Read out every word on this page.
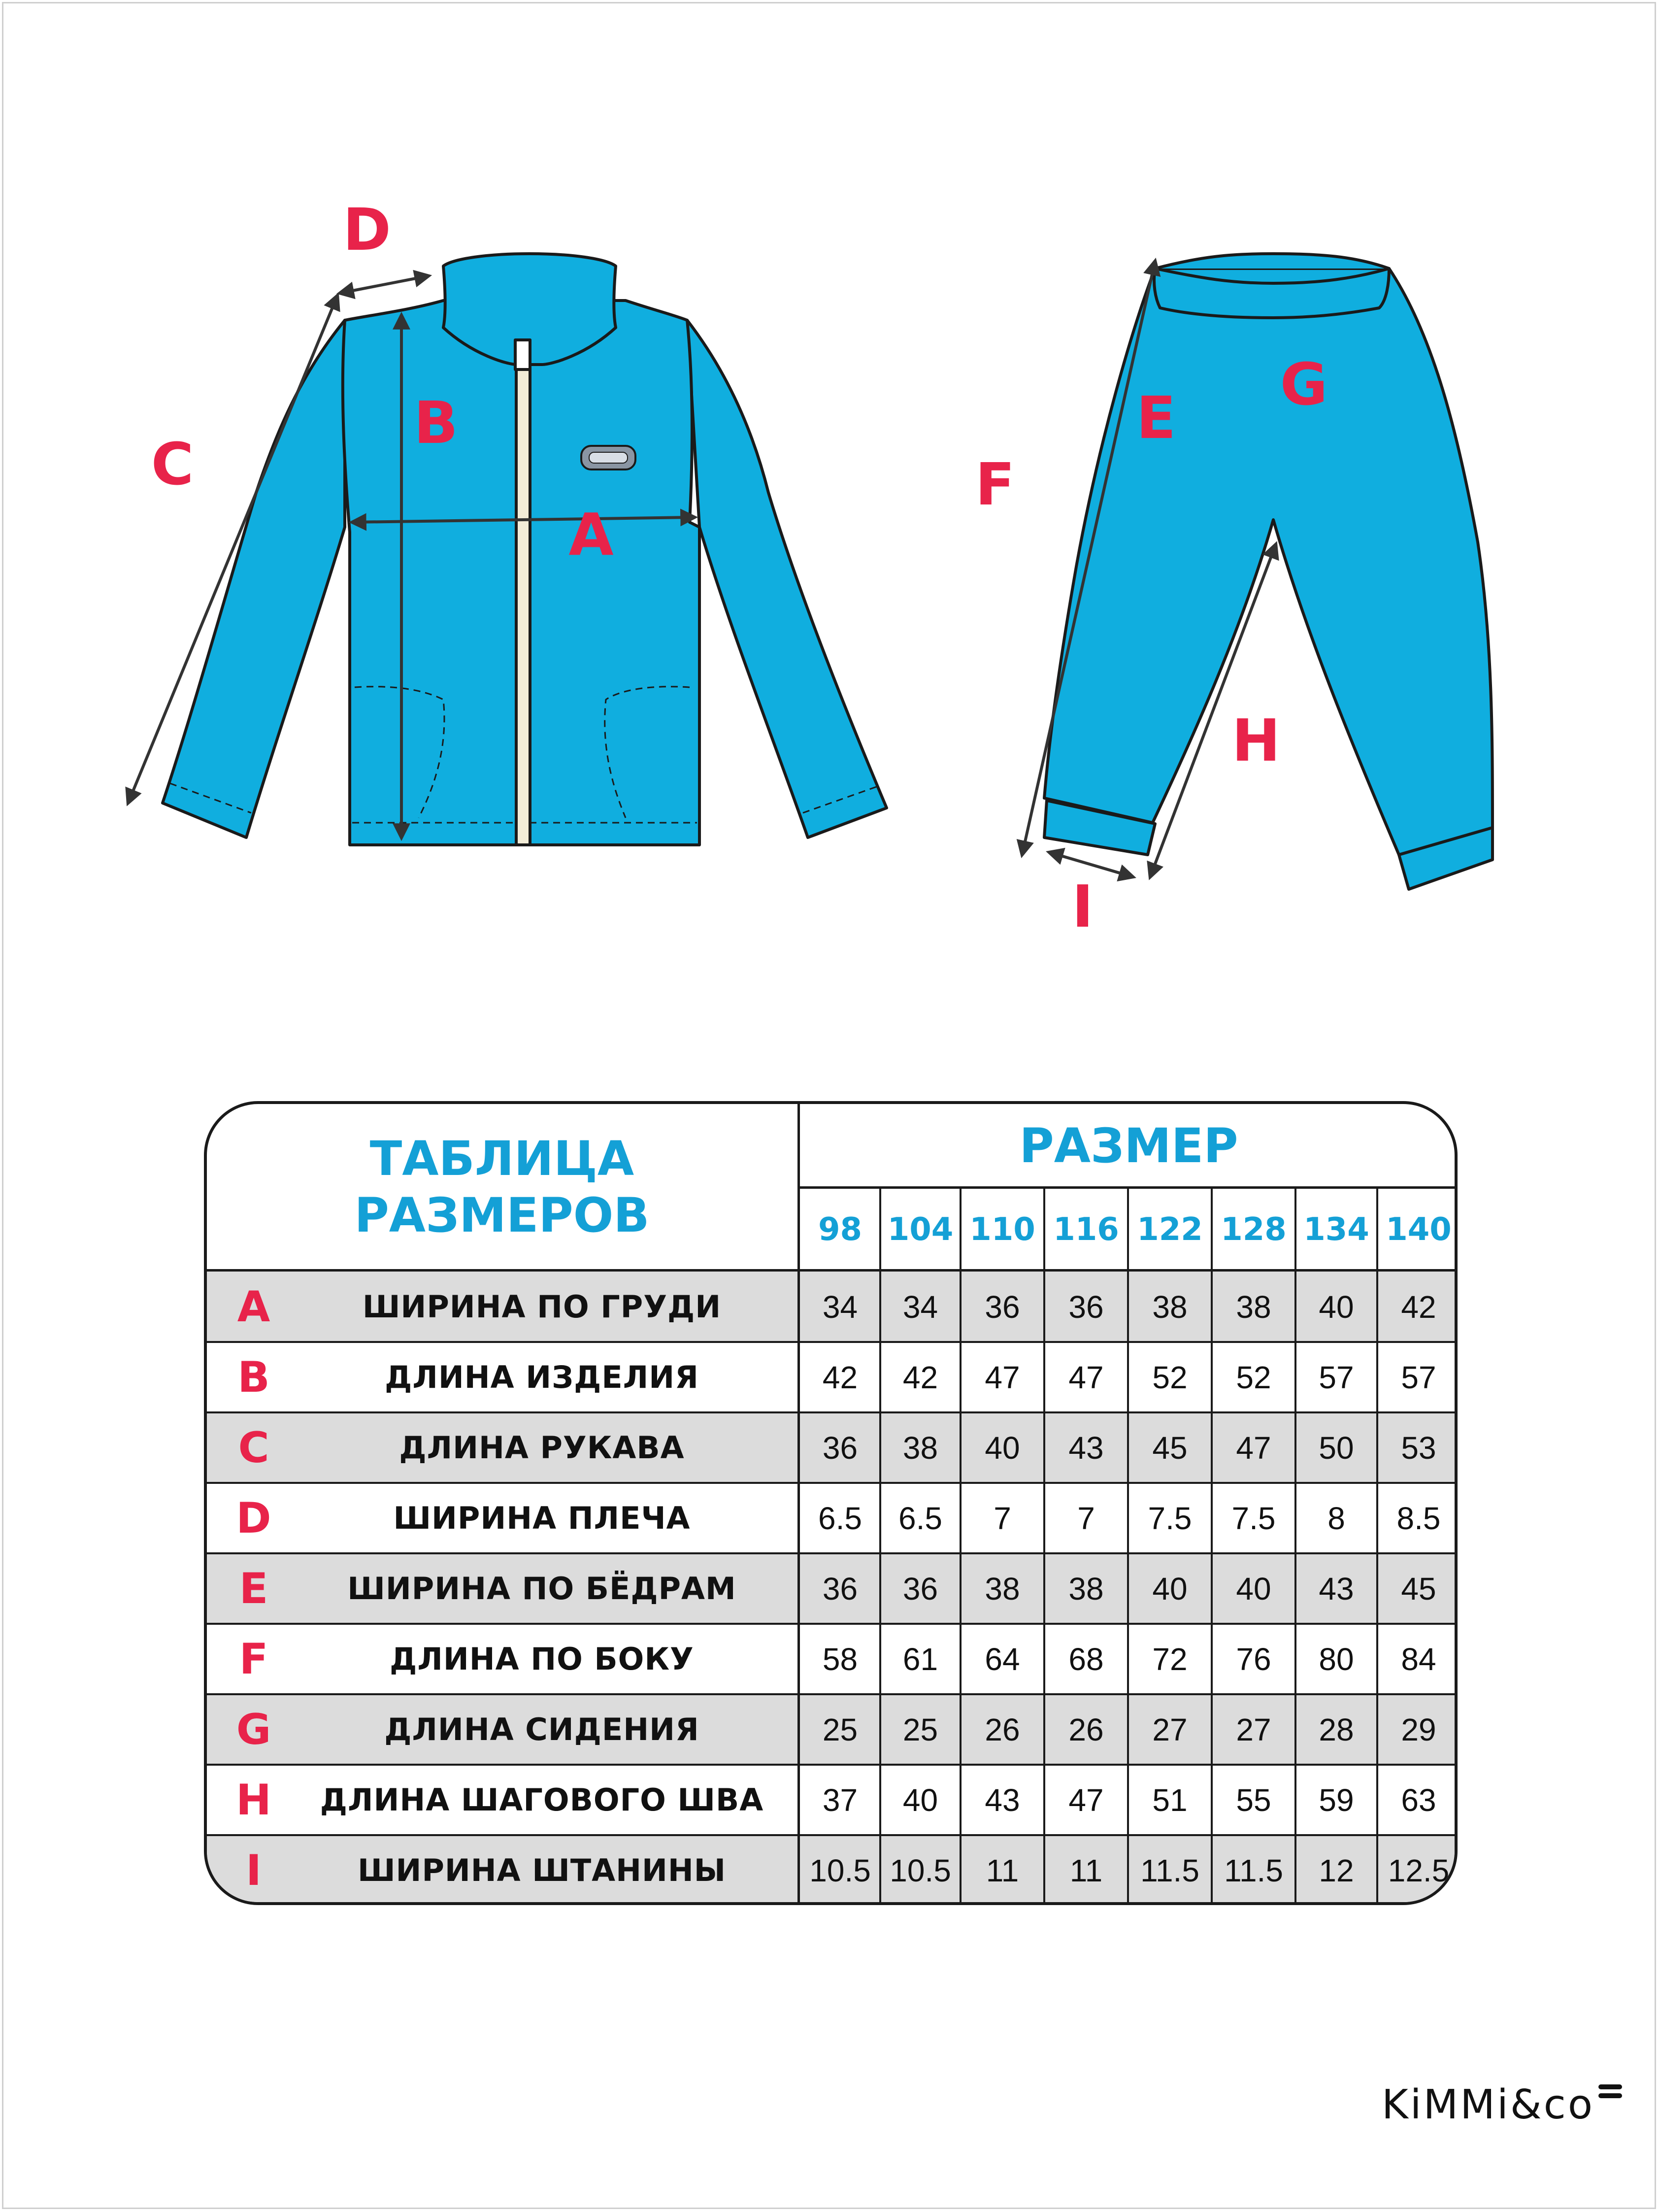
A
B
C
D
E
F
G
H
I
ТАБЛИЦА
РАЗМЕРОВ
РАЗМЕР
98 104 110 116 122 128 134 140
A	ШИРИНА ПО ГРУДИ	34	34	36	36	38	38	40	42
B	ДЛИНА ИЗДЕЛИЯ	42	42	47	47	52	52	57	57
C	ДЛИНА РУКАВА	36	38	40	43	45	47	50	53
D	ШИРИНА ПЛЕЧА	6.5	6.5	7	7	7.5	7.5	8	8.5
E	ШИРИНА ПО БЁДРАМ	36	36	38	38	40	40	43	45
F	ДЛИНА ПО БОКУ	58	61	64	68	72	76	80	84
G	ДЛИНА СИДЕНИЯ	25	25	26	26	27	27	28	29
H	ДЛИНА ШАГОВОГО ШВА	37	40	43	47	51	55	59	63
I	ШИРИНА ШТАНИНЫ	10.5 10.5	11	11	11.5 11.5	12	12.5
KiMMi&co
